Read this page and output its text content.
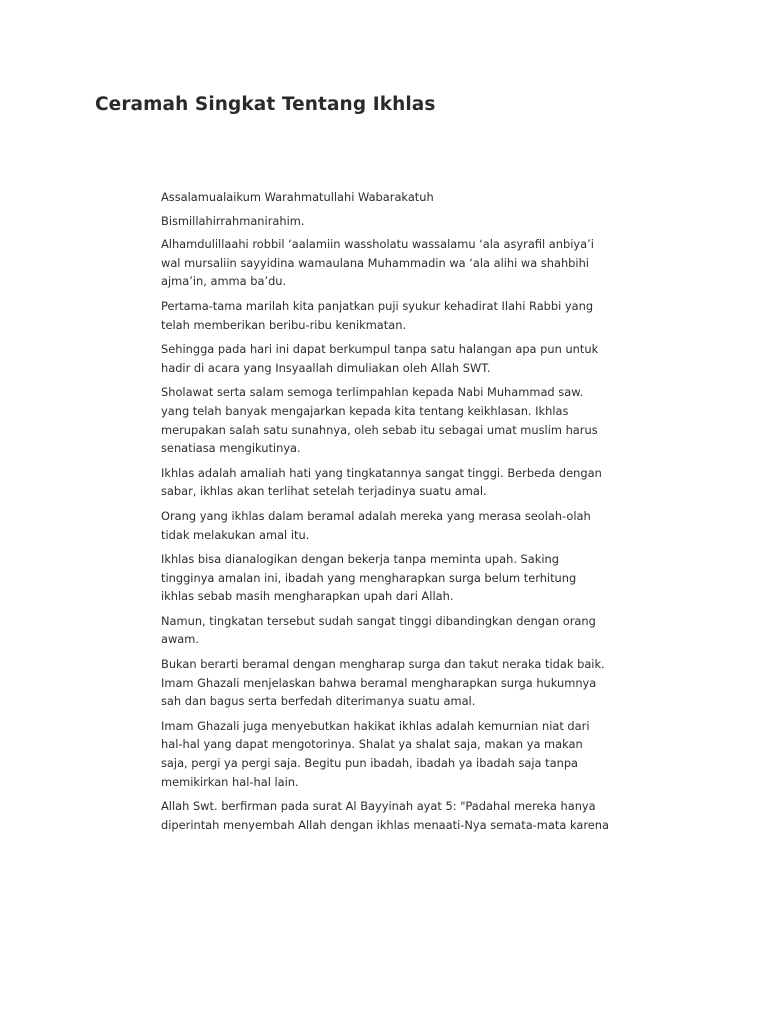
Ceramah Singkat Tentang Ikhlas

Assalamualaikum Warahmatullahi Wabarakatuh

Bismillahirrahmanirahim.

Alhamdulillaahi robbil ‘aalamiin wassholatu wassalamu ‘ala asyrafil anbiya’i wal mursaliin sayyidina wamaulana Muhammadin wa ‘ala alihi wa shahbihi ajma’in, amma ba’du.

Pertama-tama marilah kita panjatkan puji syukur kehadirat Ilahi Rabbi yang telah memberikan beribu-ribu kenikmatan.

Sehingga pada hari ini dapat berkumpul tanpa satu halangan apa pun untuk hadir di acara yang Insyaallah dimuliakan oleh Allah SWT.

Sholawat serta salam semoga terlimpahlan kepada Nabi Muhammad saw. yang telah banyak mengajarkan kepada kita tentang keikhlasan. Ikhlas merupakan salah satu sunahnya, oleh sebab itu sebagai umat muslim harus senatiasa mengikutinya.

Ikhlas adalah amaliah hati yang tingkatannya sangat tinggi. Berbeda dengan sabar, ikhlas akan terlihat setelah terjadinya suatu amal.

Orang yang ikhlas dalam beramal adalah mereka yang merasa seolah-olah tidak melakukan amal itu.

Ikhlas bisa dianalogikan dengan bekerja tanpa meminta upah. Saking tingginya amalan ini, ibadah yang mengharapkan surga belum terhitung ikhlas sebab masih mengharapkan upah dari Allah.

Namun, tingkatan tersebut sudah sangat tinggi dibandingkan dengan orang awam.

Bukan berarti beramal dengan mengharap surga dan takut neraka tidak baik. Imam Ghazali menjelaskan bahwa beramal mengharapkan surga hukumnya sah dan bagus serta berfedah diterimanya suatu amal.

Imam Ghazali juga menyebutkan hakikat ikhlas adalah kemurnian niat dari hal-hal yang dapat mengotorinya. Shalat ya shalat saja, makan ya makan saja, pergi ya pergi saja. Begitu pun ibadah, ibadah ya ibadah saja tanpa memikirkan hal-hal lain.

Allah Swt. berfirman pada surat Al Bayyinah ayat 5: "Padahal mereka hanya diperintah menyembah Allah dengan ikhlas menaati-Nya semata-mata karena
